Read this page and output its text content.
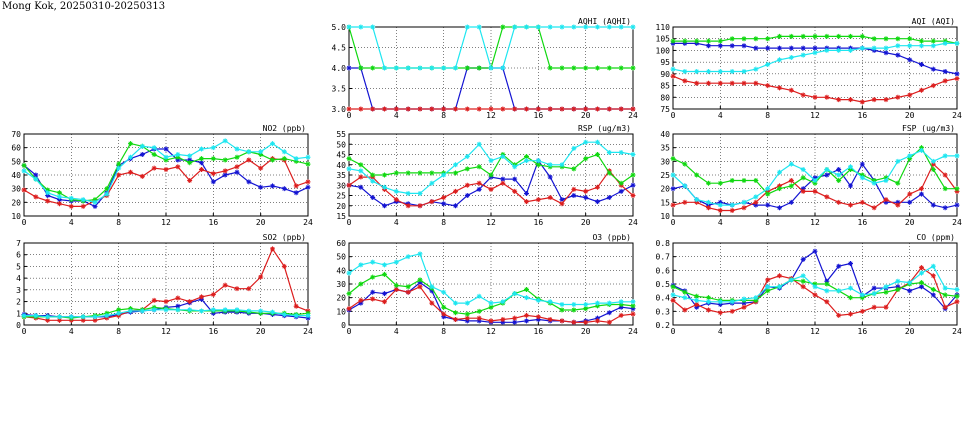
Mong Kok, 20250310-20250313
AQHI (AQHI)
0	4	8	12	16	20	24
3.0
3.5
4.0
4.5
5.0
AQI (AQI)
0	4	8	12	16	20	24
75
80
85
90
95
100
105
110
NO2 (ppb)
0	4	8	12	16	20	24
10
20
30
40
50
60
70
RSP (ug/m3)
0	4	8	12	16	20	24
15
20
25
30
35
40
45
50
55
FSP (ug/m3)
0	4	8	12	16	20	24
10
15
20
25
30
35
40
SO2 (ppb)
0	4	8	12	16	20	24
0
1
2
3
4
5
6
7
O3 (ppb)
0	4	8	12	16	20	24
0
10
20
30
40
50
60
CO (ppm)
0	4	8	12	16	20	24
0.2
0.3
0.4
0.5
0.6
0.7
0.8
